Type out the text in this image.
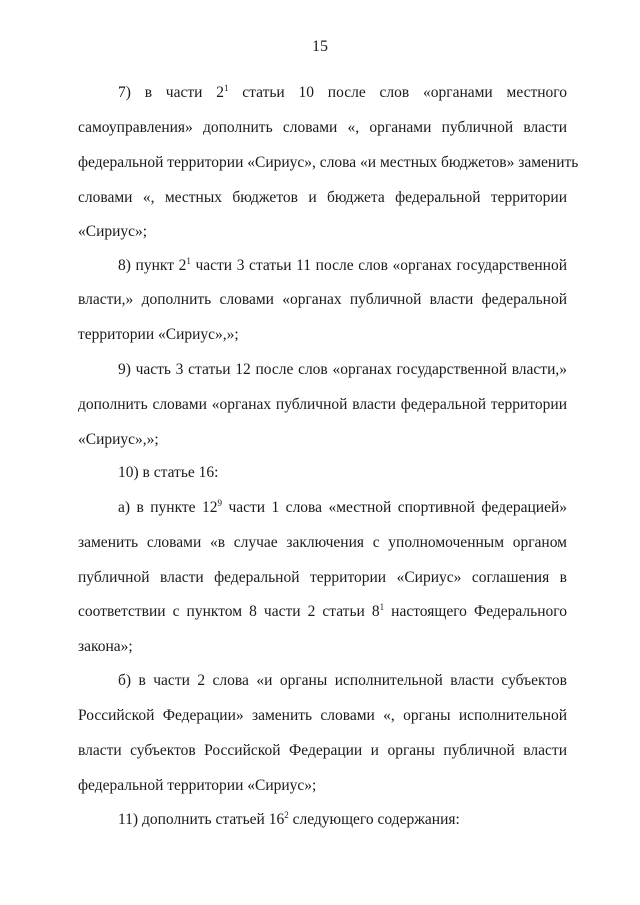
15
7) в части $2^1$ статьи 10 после слов «органами местного
самоуправления» дополнить словами «, органами публичной власти
федеральной территории «Сириус», слова «и местных бюджетов» заменить
словами «, местных бюджетов и бюджета федеральной территории
«Сириус»;
8) пункт $2^1$ части 3 статьи 11 после слов «органах государственной
власти,» дополнить словами «органах публичной власти федеральной
территории «Сириус»,»;
9) часть 3 статьи 12 после слов «органах государственной власти,»
дополнить словами «органах публичной власти федеральной территории
«Сириус»,»;
10) в статье 16:
а) в пункте $12^9$ части 1 слова «местной спортивной федерацией»
заменить словами «в случае заключения с уполномоченным органом
публичной власти федеральной территории «Сириус» соглашения в
соответствии с пунктом 8 части 2 статьи $8^1$ настоящего Федерального
закона»;
б) в части 2 слова «и органы исполнительной власти субъектов
Российской Федерации» заменить словами «, органы исполнительной
власти субъектов Российской Федерации и органы публичной власти
федеральной территории «Сириус»;
11) дополнить статьей $16^2$ следующего содержания:
